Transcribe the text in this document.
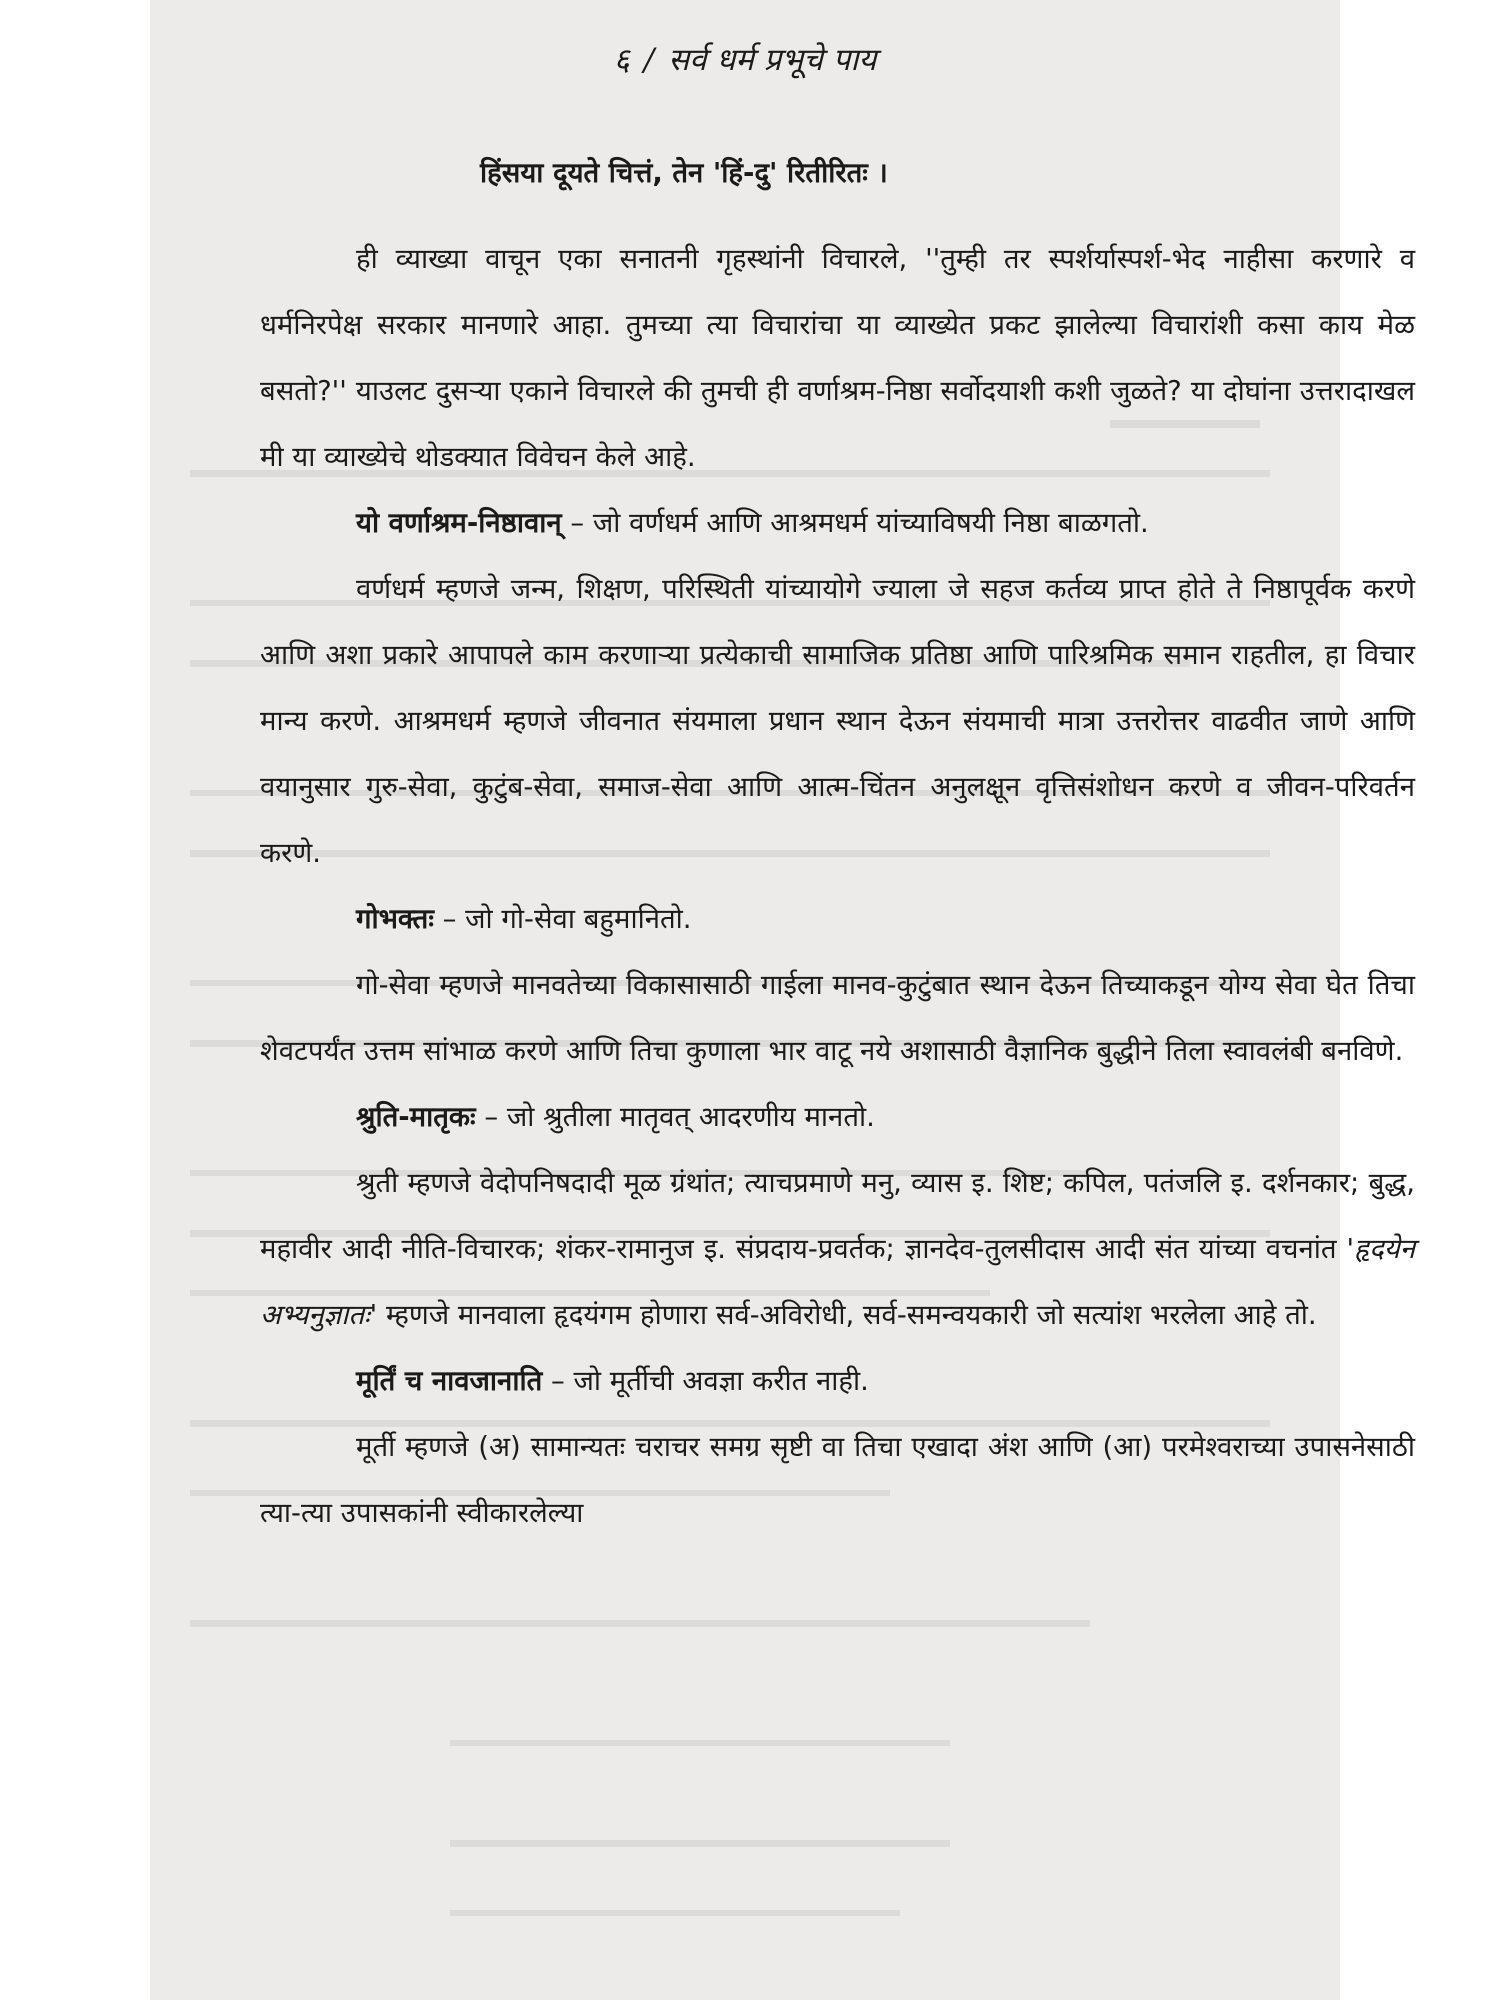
६ / सर्व धर्म प्रभूचे पाय

हिंसया दूयते चित्तं, तेन 'हिं-दु' रितीरितः ।

ही व्याख्या वाचून एका सनातनी गृहस्थांनी विचारले, ''तुम्ही तर स्पर्शर्यास्पर्श-भेद नाहीसा करणारे व धर्मनिरपेक्ष सरकार मानणारे आहा. तुमच्या त्या विचारांचा या व्याख्येत प्रकट झालेल्या विचारांशी कसा काय मेळ बसतो?'' याउलट दुसऱ्या एकाने विचारले की तुमची ही वर्णाश्रम-निष्ठा सर्वोदयाशी कशी जुळते? या दोघांना उत्तरादाखल मी या व्याख्येचे थोडक्यात विवेचन केले आहे.

यो वर्णाश्रम-निष्ठावान् – जो वर्णधर्म आणि आश्रमधर्म यांच्याविषयी निष्ठा बाळगतो.

वर्णधर्म म्हणजे जन्म, शिक्षण, परिस्थिती यांच्यायोगे ज्याला जे सहज कर्तव्य प्राप्त होते ते निष्ठापूर्वक करणे आणि अशा प्रकारे आपापले काम करणाऱ्या प्रत्येकाची सामाजिक प्रतिष्ठा आणि पारिश्रमिक समान राहतील, हा विचार मान्य करणे. आश्रमधर्म म्हणजे जीवनात संयमाला प्रधान स्थान देऊन संयमाची मात्रा उत्तरोत्तर वाढवीत जाणे आणि वयानुसार गुरु-सेवा, कुटुंब-सेवा, समाज-सेवा आणि आत्म-चिंतन अनुलक्षून वृत्तिसंशोधन करणे व जीवन-परिवर्तन करणे.

गोभक्तः – जो गो-सेवा बहुमानितो.

गो-सेवा म्हणजे मानवतेच्या विकासासाठी गाईला मानव-कुटुंबात स्थान देऊन तिच्याकडून योग्य सेवा घेत तिचा शेवटपर्यंत उत्तम सांभाळ करणे आणि तिचा कुणाला भार वाटू नये अशासाठी वैज्ञानिक बुद्धीने तिला स्वावलंबी बनविणे.

श्रुति-मातृकः – जो श्रुतीला मातृवत् आदरणीय मानतो.

श्रुती म्हणजे वेदोपनिषदादी मूळ ग्रंथांत; त्याचप्रमाणे मनु, व्यास इ. शिष्ट; कपिल, पतंजलि इ. दर्शनकार; बुद्ध, महावीर आदी नीति-विचारक; शंकर-रामानुज इ. संप्रदाय-प्रवर्तक; ज्ञानदेव-तुलसीदास आदी संत यांच्या वचनांत 'हृदयेन अभ्यनुज्ञातः' म्हणजे मानवाला हृदयंगम होणारा सर्व-अविरोधी, सर्व-समन्वयकारी जो सत्यांश भरलेला आहे तो.

मूर्तिं च नावजानाति – जो मूर्तीची अवज्ञा करीत नाही.

मूर्ती म्हणजे (अ) सामान्यतः चराचर समग्र सृष्टी वा तिचा एखादा अंश आणि (आ) परमेश्वराच्या उपासनेसाठी त्या-त्या उपासकांनी स्वीकारलेल्या
